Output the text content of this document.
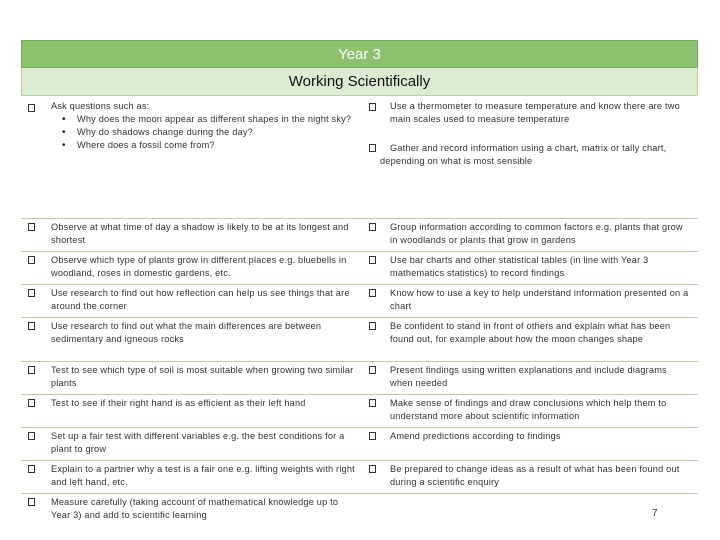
Year 3
Working Scientifically
Ask questions such as:
• Why does the moon appear as different shapes in the night sky?
• Why do shadows change during the day?
• Where does a fossil come from?
Use a thermometer to measure temperature and know there are two main scales used to measure temperature
Gather and record information using a chart, matrix or tally chart, depending on what is most sensible
Observe at what time of day a shadow is likely to be at its longest and shortest
Group information according to common factors e.g. plants that grow in woodlands or plants that grow in gardens
Observe which type of plants grow in different places e.g. bluebells in woodland, roses in domestic gardens, etc.
Use bar charts and other statistical tables (in line with Year 3 mathematics statistics) to record findings
Use research to find out how reflection can help us see things that are around the corner
Know how to use a key to help understand information presented on a chart
Use research to find out what the main differences are between sedimentary and igneous rocks
Be confident to stand in front of others and explain what has been found out, for example about how the moon changes shape
Test to see which type of soil is most suitable when growing two similar plants
Present findings using written explanations and include diagrams when needed
Test to see if their right hand is as efficient as their left hand	Make sense of findings and draw conclusions which help them to understand more about scientific information
Set up a fair test with different variables e.g. the best conditions for a plant to grow
Amend predictions according to findings
Explain to a partner why a test is a fair one e.g. lifting weights with right and left hand, etc.
Be prepared to change ideas as a result of what has been found out during a scientific enquiry
Measure carefully (taking account of mathematical knowledge up to Year 3) and add to scientific learning	7
